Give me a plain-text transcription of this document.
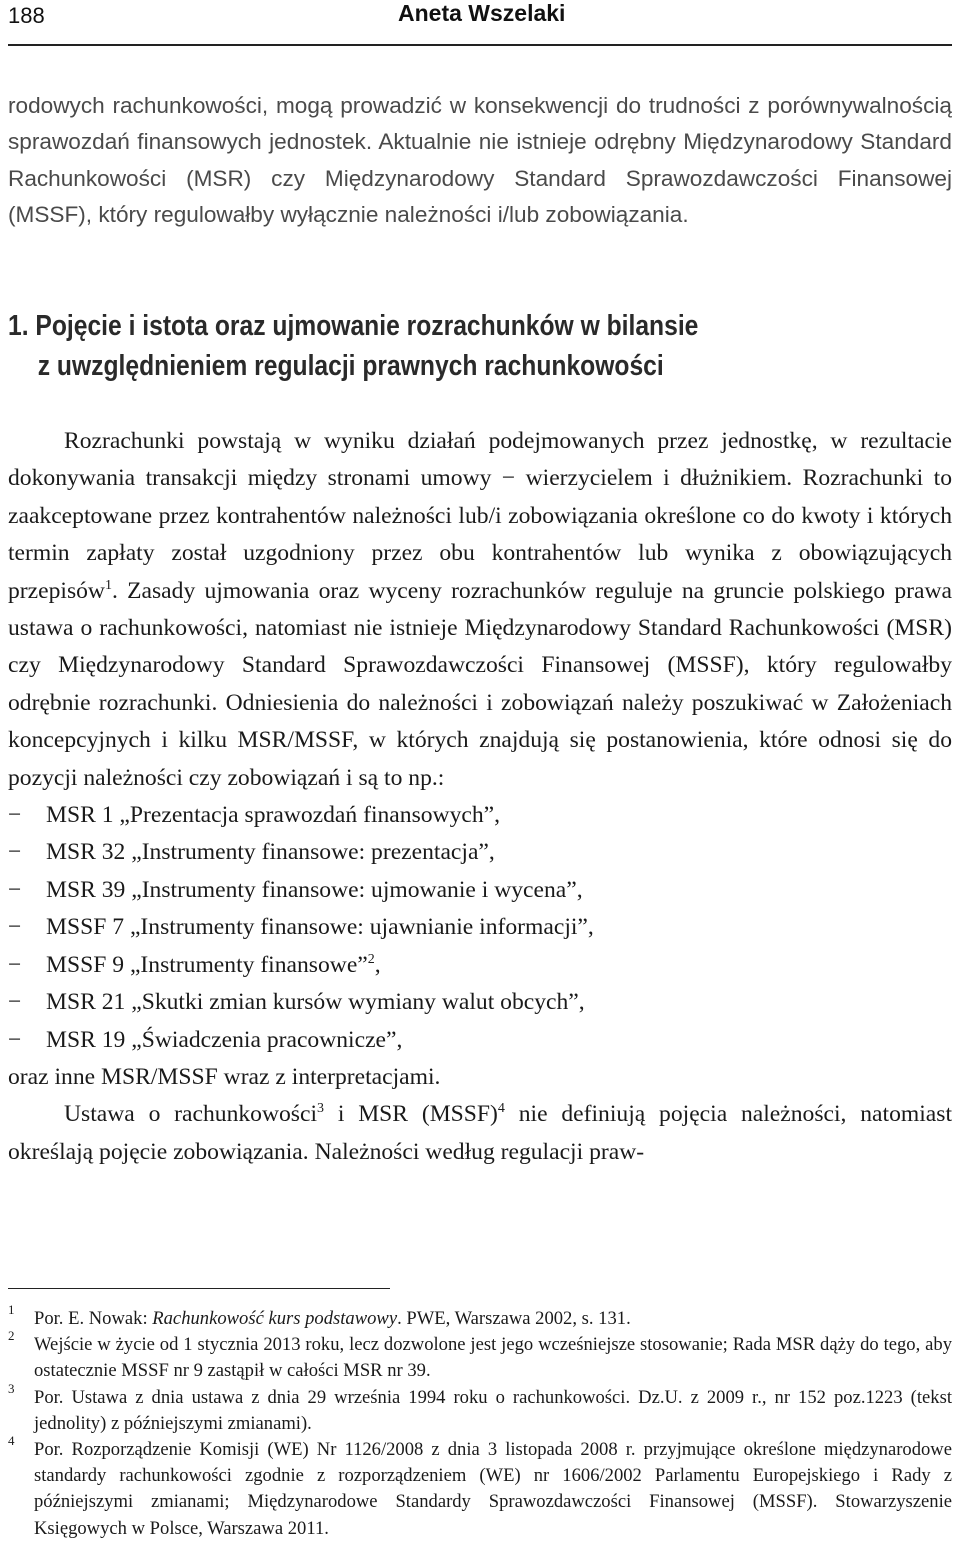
188	Aneta Wszelaki

rodowych rachunkowości, mogą prowadzić w konsekwencji do trudności z porównywalnością sprawozdań finansowych jednostek. Aktualnie nie istnieje odrębny Międzynarodowy Standard Rachunkowości (MSR) czy Międzynarodowy Standard Sprawozdawczości Finansowej (MSSF), który regulowałby wyłącznie należności i/lub zobowiązania.

1. Pojęcie i istota oraz ujmowanie rozrachunków w bilansie
z uwzględnieniem regulacji prawnych rachunkowości

Rozrachunki powstają w wyniku działań podejmowanych przez jednostkę, w rezultacie dokonywania transakcji między stronami umowy − wierzycielem i dłużnikiem. Rozrachunki to zaakceptowane przez kontrahentów należności lub/i zobowiązania określone co do kwoty i których termin zapłaty został uzgodniony przez obu kontrahentów lub wynika z obowiązujących przepisów$^1$. Zasady ujmowania oraz wyceny rozrachunków reguluje na gruncie polskiego prawa ustawa o rachunkowości, natomiast nie istnieje Międzynarodowy Standard Rachunkowości (MSR) czy Międzynarodowy Standard Sprawozdawczości Finansowej (MSSF), który regulowałby odrębnie rozrachunki. Odniesienia do należności i zobowiązań należy poszukiwać w Założeniach koncepcyjnych i kilku MSR/MSSF, w których znajdują się postanowienia, które odnosi się do pozycji należności czy zobowiązań i są to np.:

− MSR 1 „Prezentacja sprawozdań finansowych”,
− MSR 32 „Instrumenty finansowe: prezentacja”,
− MSR 39 „Instrumenty finansowe: ujmowanie i wycena”,
− MSSF 7 „Instrumenty finansowe: ujawnianie informacji”,
− MSSF 9 „Instrumenty finansowe”$^2$,
− MSR 21 „Skutki zmian kursów wymiany walut obcych”,
− MSR 19 „Świadczenia pracownicze”,

oraz inne MSR/MSSF wraz z interpretacjami.

Ustawa o rachunkowości$^3$ i MSR (MSSF)$^4$ nie definiują pojęcia należności, natomiast określają pojęcie zobowiązania. Należności według regulacji praw-

1 Por. E. Nowak: Rachunkowość kurs podstawowy. PWE, Warszawa 2002, s. 131.

2 Wejście w życie od 1 stycznia 2013 roku, lecz dozwolone jest jego wcześniejsze stosowanie; Rada MSR dąży do tego, aby ostatecznie MSSF nr 9 zastąpił w całości MSR nr 39.

3 Por. Ustawa z dnia ustawa z dnia 29 września 1994 roku o rachunkowości. Dz.U. z 2009 r., nr 152 poz.1223 (tekst jednolity) z późniejszymi zmianami).

4 Por. Rozporządzenie Komisji (WE) Nr 1126/2008 z dnia 3 listopada 2008 r. przyjmujące określone międzynarodowe standardy rachunkowości zgodnie z rozporządzeniem (WE) nr 1606/2002 Parlamentu Europejskiego i Rady z późniejszymi zmianami; Międzynarodowe Standardy Sprawozdawczości Finansowej (MSSF). Stowarzyszenie Księgowych w Polsce, Warszawa 2011.
